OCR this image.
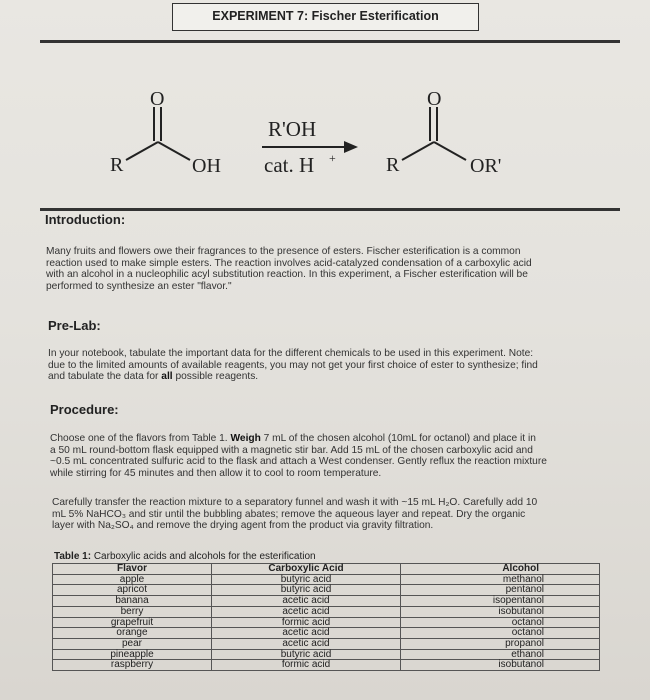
EXPERIMENT 7: Fischer Esterification
O
R	OH
R'OH
cat. H +
O
R	OR'
Introduction:
Many fruits and flowers owe their fragrances to the presence of esters. Fischer esterification is a common
reaction used to make simple esters. The reaction involves acid-catalyzed condensation of a carboxylic acid
with an alcohol in a nucleophilic acyl substitution reaction. In this experiment, a Fischer esterification will be
performed to synthesize an ester "flavor."
Pre-Lab:
In your notebook, tabulate the important data for the different chemicals to be used in this experiment. Note:
due to the limited amounts of available reagents, you may not get your first choice of ester to synthesize; find
and tabulate the data for all possible reagents.
Procedure:
Choose one of the flavors from Table 1. Weigh 7 mL of the chosen alcohol (10mL for octanol) and place it in
a 50 mL round-bottom flask equipped with a magnetic stir bar. Add 15 mL of the chosen carboxylic acid and
~0.5 mL concentrated sulfuric acid to the flask and attach a West condenser. Gently reflux the reaction mixture
while stirring for 45 minutes and then allow it to cool to room temperature.
Carefully transfer the reaction mixture to a separatory funnel and wash it with ~15 mL H₂O. Carefully add 10
mL 5% NaHCO₃ and stir until the bubbling abates; remove the aqueous layer and repeat. Dry the organic
layer with Na₂SO₄ and remove the drying agent from the product via gravity filtration.
Table 1: Carboxylic acids and alcohols for the esterification
Flavor	Carboxylic Acid	Alcohol
apple	butyric acid	methanol
apricot	butyric acid	pentanol
banana	acetic acid	isopentanol
berry	acetic acid	isobutanol
grapefruit	formic acid	octanol
orange	acetic acid	octanol
pear	acetic acid	propanol
pineapple	butyric acid	ethanol
raspberry	formic acid	isobutanol
